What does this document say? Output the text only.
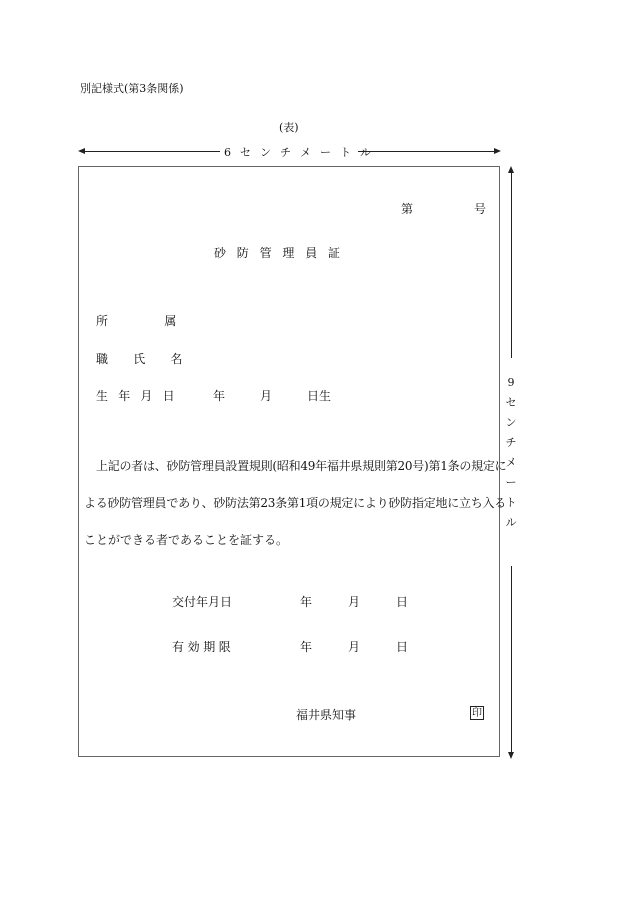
別記様式(第3条関係)
(表)
6 セ ン チ メ ー ト ル
9
セ
ン
チ
メ
ー
ト
ル
第	号
砂防管理員証
所属
職氏名
生年月日 年	月	日生
上記の者は、砂防管理員設置規則(昭和49年福井県規則第20号)第1条の規定に
よる砂防管理員であり、砂防法第23条第1項の規定により砂防指定地に立ち入る
ことができる者であることを証する。
交付年月日	年	月	日
有効期限	年	月	日
福井県知事	印
